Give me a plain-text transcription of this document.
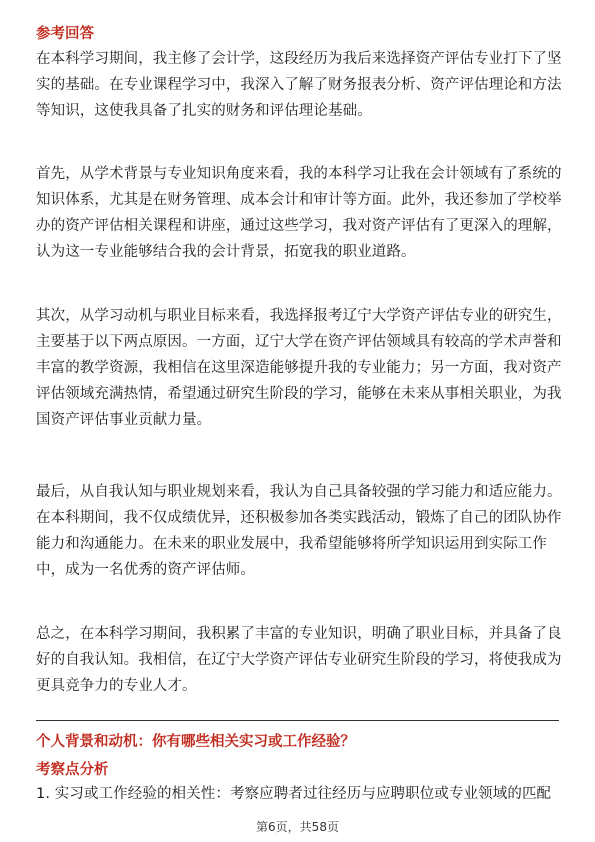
参考回答
在本科学习期间，我主修了会计学，这段经历为我后来选择资产评估专业打下了坚
实的基础。在专业课程学习中，我深入了解了财务报表分析、资产评估理论和方法
等知识，这使我具备了扎实的财务和评估理论基础。
首先，从学术背景与专业知识角度来看，我的本科学习让我在会计领域有了系统的
知识体系，尤其是在财务管理、成本会计和审计等方面。此外，我还参加了学校举
办的资产评估相关课程和讲座，通过这些学习，我对资产评估有了更深入的理解，
认为这一专业能够结合我的会计背景，拓宽我的职业道路。
其次，从学习动机与职业目标来看，我选择报考辽宁大学资产评估专业的研究生，
主要基于以下两点原因。一方面，辽宁大学在资产评估领域具有较高的学术声誉和
丰富的教学资源，我相信在这里深造能够提升我的专业能力；另一方面，我对资产
评估领域充满热情，希望通过研究生阶段的学习，能够在未来从事相关职业，为我
国资产评估事业贡献力量。
最后，从自我认知与职业规划来看，我认为自己具备较强的学习能力和适应能力。
在本科期间，我不仅成绩优异，还积极参加各类实践活动，锻炼了自己的团队协作
能力和沟通能力。在未来的职业发展中，我希望能够将所学知识运用到实际工作
中，成为一名优秀的资产评估师。
总之，在本科学习期间，我积累了丰富的专业知识，明确了职业目标，并具备了良
好的自我认知。我相信，在辽宁大学资产评估专业研究生阶段的学习，将使我成为
更具竞争力的专业人才。
个人背景和动机：你有哪些相关实习或工作经验？
考察点分析
1. 实习或工作经验的相关性：考察应聘者过往经历与应聘职位或专业领域的匹配
第6页，共58页
